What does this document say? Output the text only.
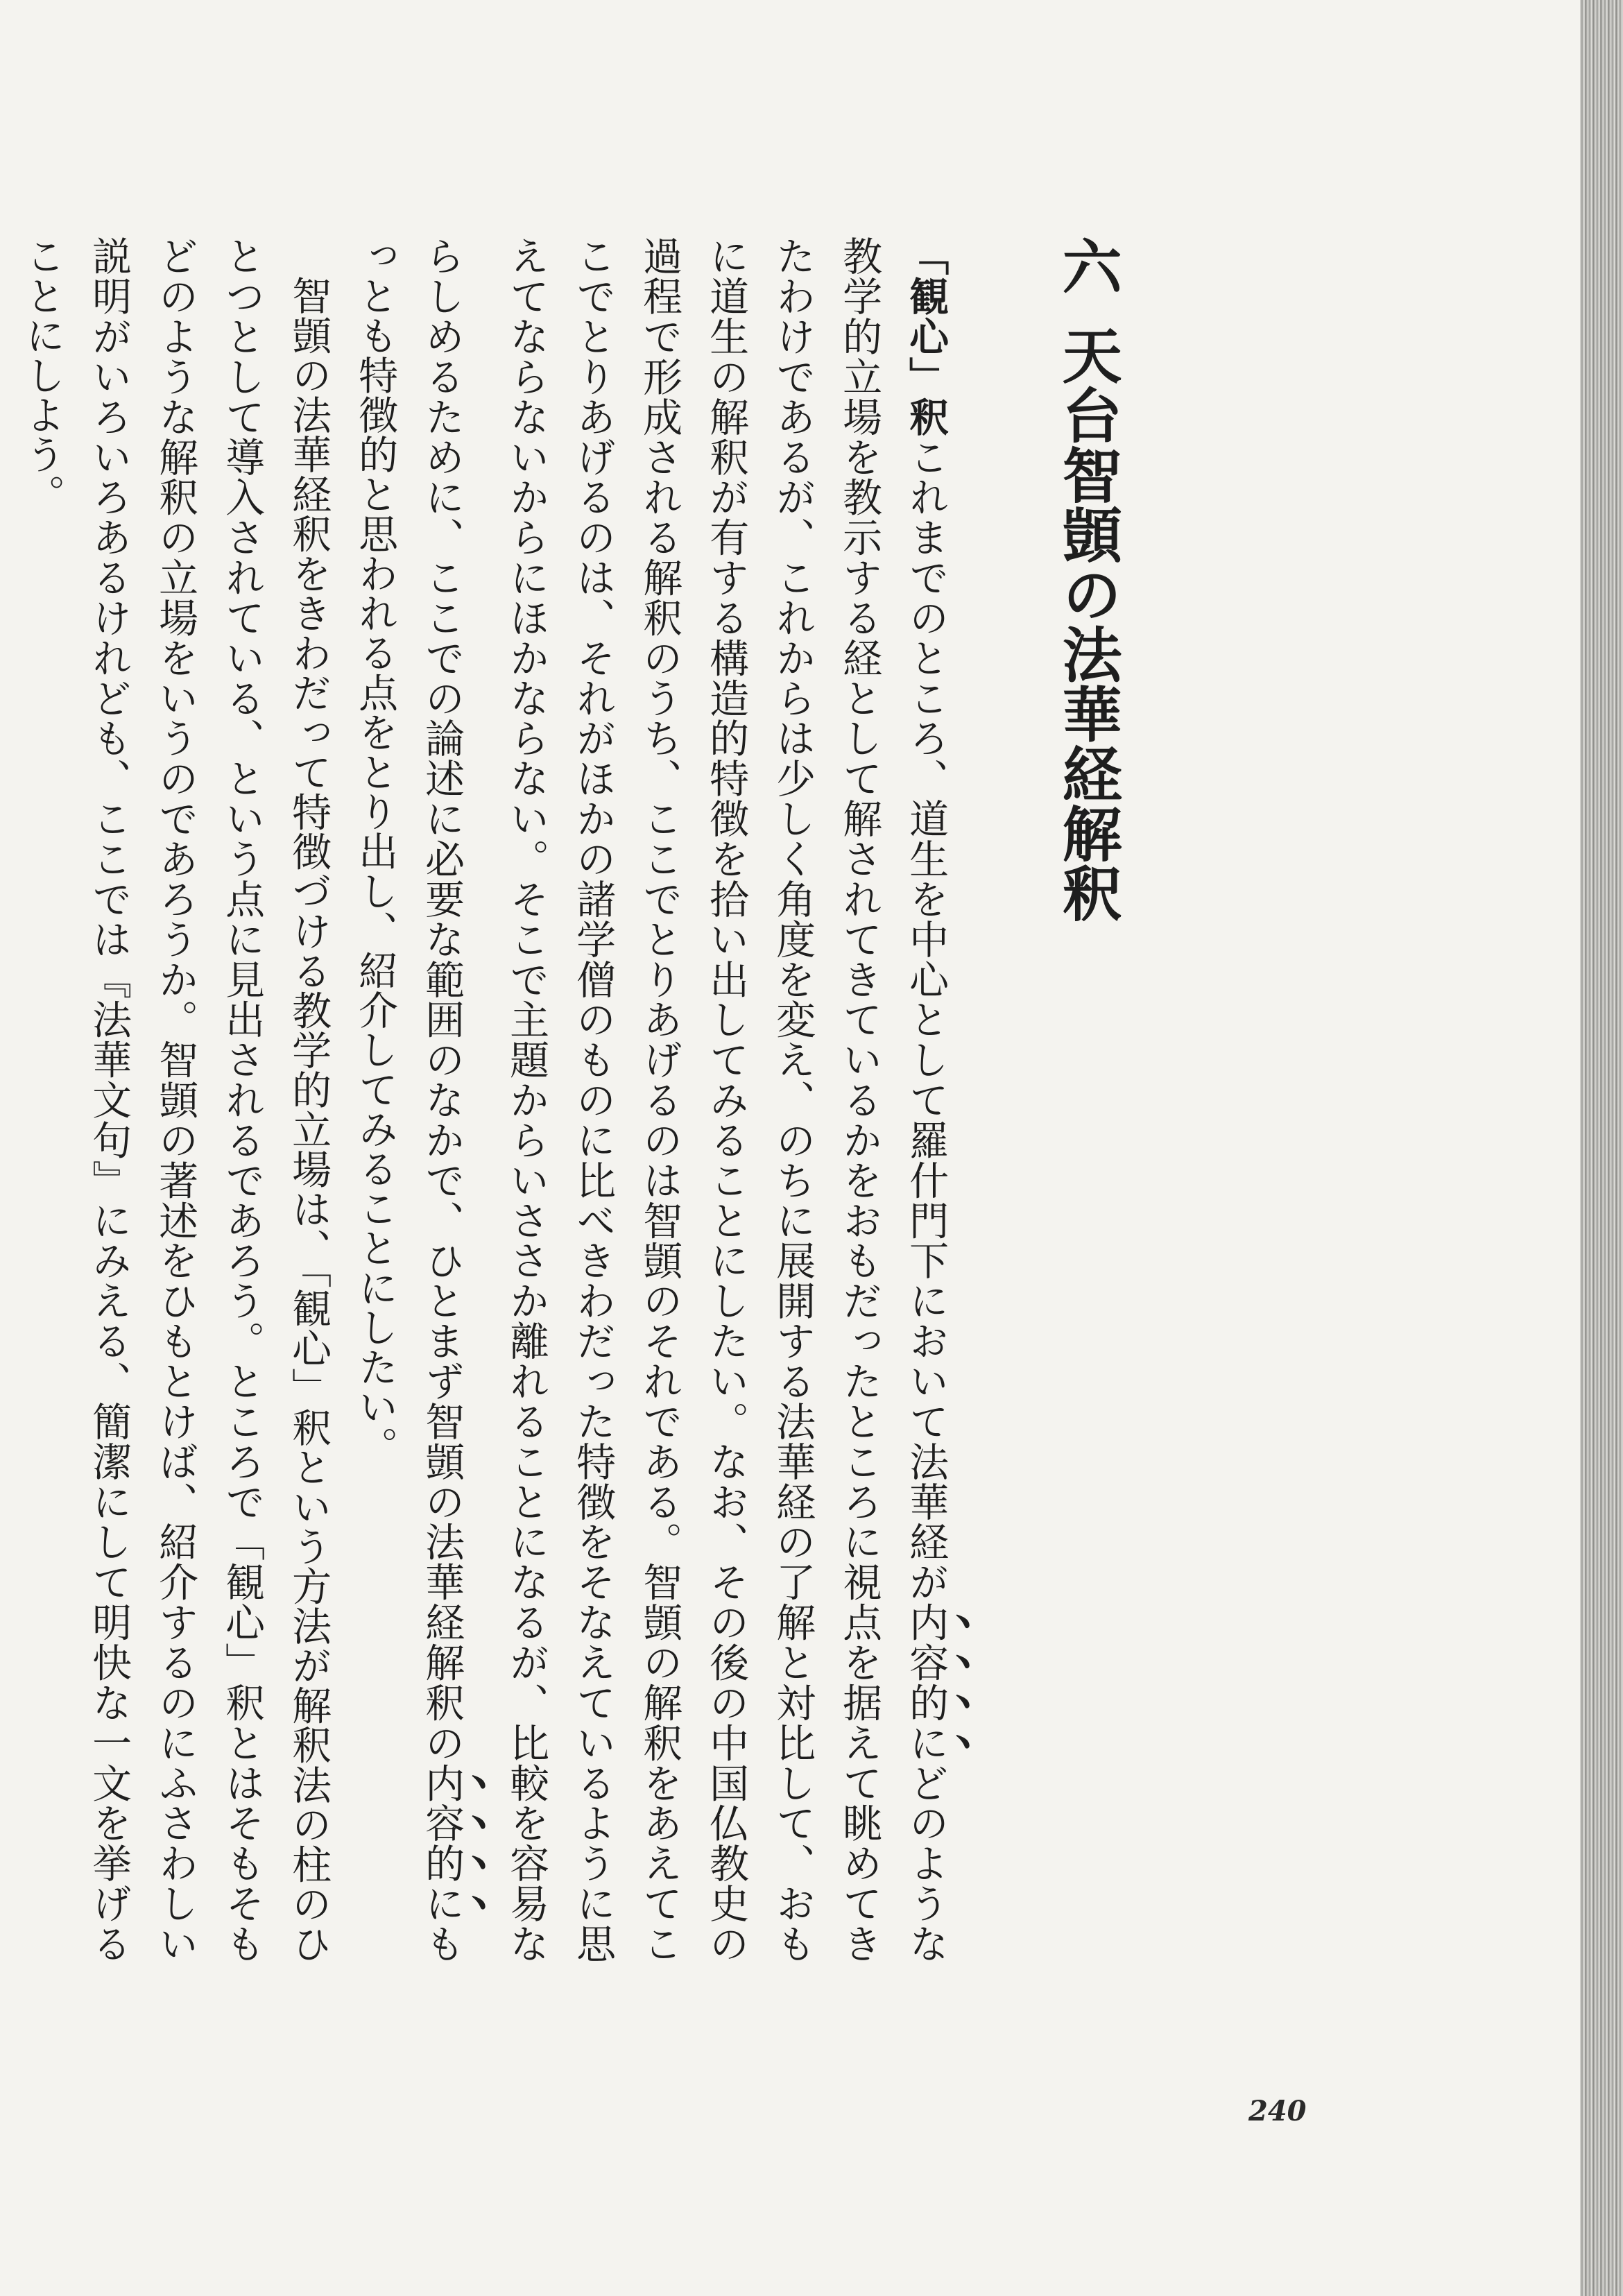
六天台智顗の法華経解釈

「観心」釈これまでのところ、道生を中心として羅什門下において法華経が内容的にどのような教学的立場を教示する経として解されてきているかをおもだったところに視点を据えて眺めてきたわけであるが、これからは少しく角度を変え、のちに展開する法華経の了解と対比して、おもに道生の解釈が有する構造的特徴を拾い出してみることにしたい。なお、その後の中国仏教史の過程で形成される解釈のうち、ここでとりあげるのは智顗のそれである。智顗の解釈をあえてここでとりあげるのは、それがほかの諸学僧のものに比べきわだった特徴をそなえているように思えてならないからにほかならない。そこで主題からいささか離れることになるが、比較を容易ならしめるために、ここでの論述に必要な範囲のなかで、ひとまず智顗の法華経解釈の内容的にもっとも特徴的と思われる点をとり出し、紹介してみることにしたい。

智顗の法華経釈をきわだって特徴づける教学的立場は、「観心」釈という方法が解釈法の柱のひとつとして導入されている、という点に見出されるであろう。ところで「観心」釈とはそもそもどのような解釈の立場をいうのであろうか。智顗の著述をひもとけば、紹介するのにふさわしい説明がいろいろあるけれども、ここでは『法華文句』にみえる、簡潔にして明快な一文を挙げることにしよう。

240
